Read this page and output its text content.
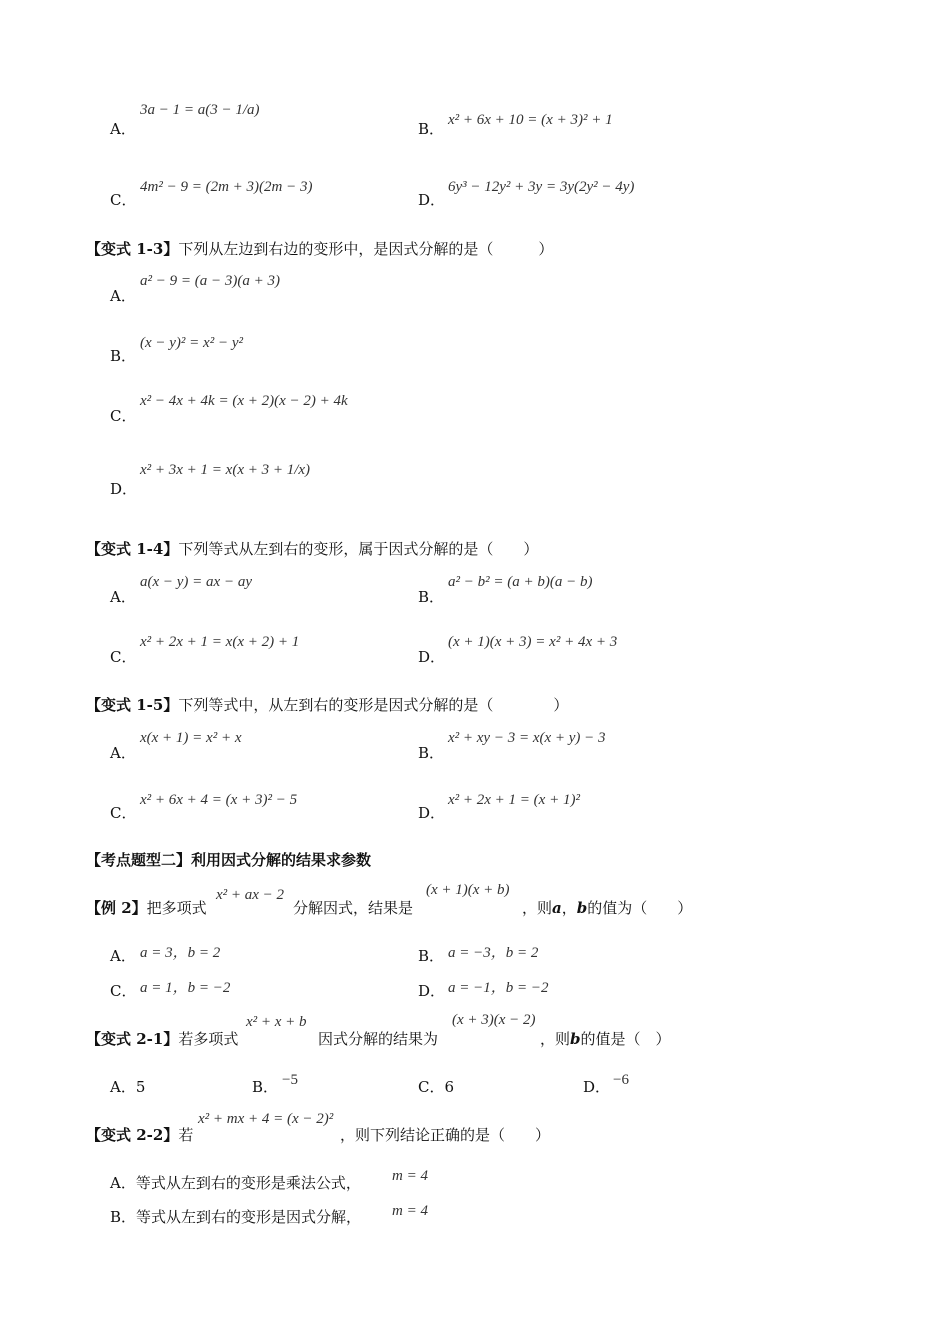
A．
3a − 1 = a(3 − 1/a)
B． x² + 6x + 10 = (x + 3)² + 1
C．
4m² − 9 = (2m + 3)(2m − 3)
D．
6y³ − 12y² + 3y = 3y(2y² − 4y)
【变式 1-3】下列从左边到右边的变形中，是因式分解的是（　　　）
A．
a² − 9 = (a − 3)(a + 3)
B．
(x − y)² = x² − y²
C．
x² − 4x + 4k = (x + 2)(x − 2) + 4k
D．
x² + 3x + 1 = x(x + 3 + 1/x)
【变式 1-4】下列等式从左到右的变形，属于因式分解的是（　　）
A．
a(x − y) = ax − ay
B．
a² − b² = (a + b)(a − b)
C．
x² + 2x + 1 = x(x + 2) + 1
D．
(x + 1)(x + 3) = x² + 4x + 3
【变式 1-5】下列等式中，从左到右的变形是因式分解的是（　　　　）
A．
x(x + 1) = x² + x
B．
x² + xy − 3 = x(x + y) − 3
C．
x² + 6x + 4 = (x + 3)² − 5
D．
x² + 2x + 1 = (x + 1)²
【考点题型二】利用因式分解的结果求参数
【例 2】把多项式
x² + ax − 2
分解因式，结果是
(x + 1)(x + b)
，则a，b的值为（　　）
A． a = 3，b = 2	B． a = −3，b = 2
C． a = 1，b = −2	D． a = −1，b = −2
【变式 2-1】若多项式
x² + x + b
因式分解的结果为
(x + 3)(x − 2)
，则b的值是（　）
A．5	B． −5	C．6	D． −6
【变式 2-2】若
x² + mx + 4 = (x − 2)²
，则下列结论正确的是（　　）
A．等式从左到右的变形是乘法公式， m = 4
B．等式从左到右的变形是因式分解， m = 4
